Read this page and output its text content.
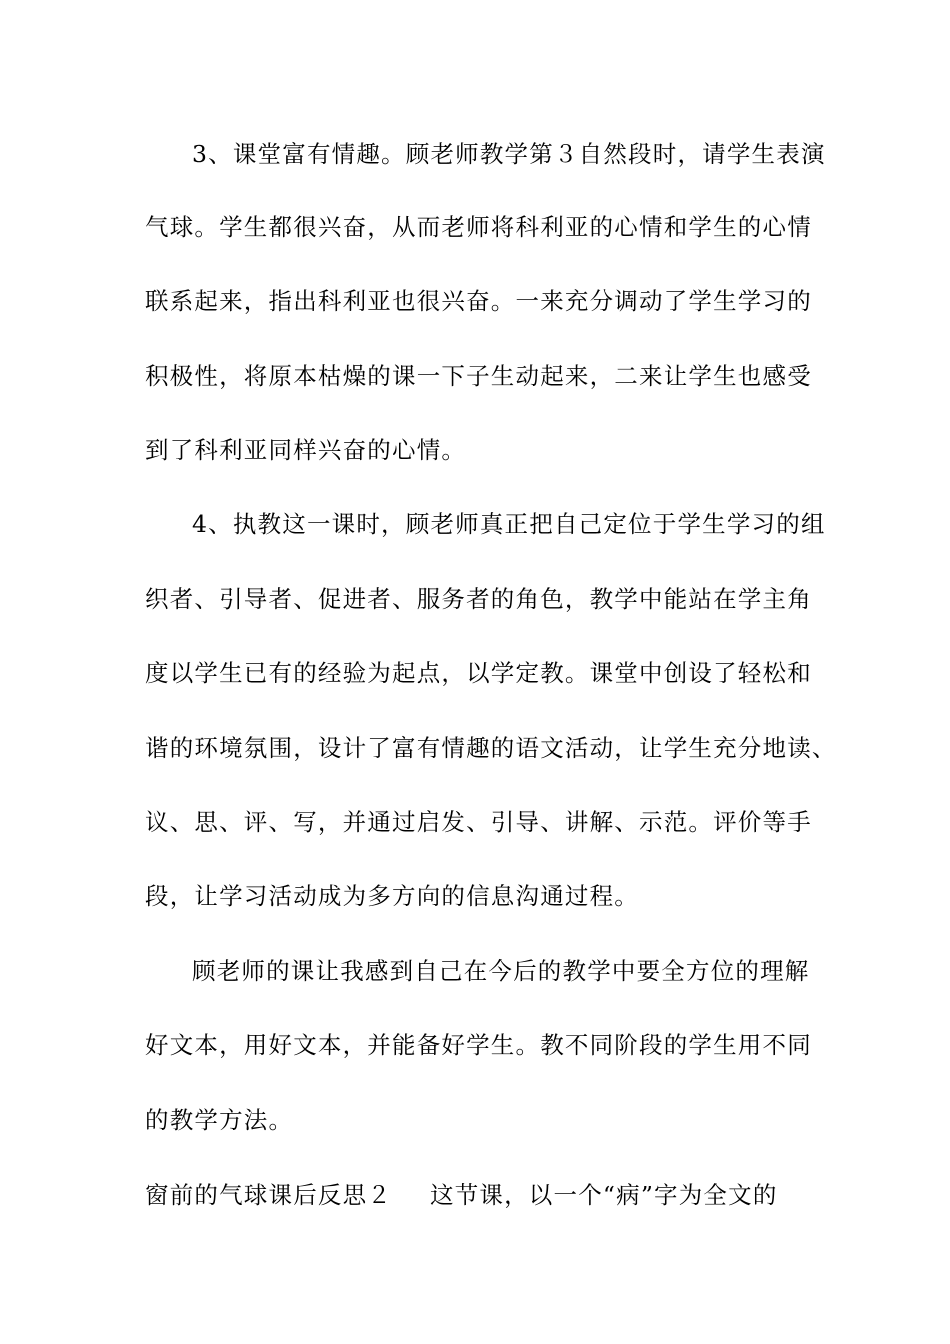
3、课堂富有情趣。顾老师教学第３自然段时，请学生表演
气球。学生都很兴奋，从而老师将科利亚的心情和学生的心情
联系起来，指出科利亚也很兴奋。一来充分调动了学生学习的
积极性，将原本枯燥的课一下子生动起来，二来让学生也感受
到了科利亚同样兴奋的心情。
4、执教这一课时，顾老师真正把自己定位于学生学习的组
织者、引导者、促进者、服务者的角色，教学中能站在学主角
度以学生已有的经验为起点，以学定教。课堂中创设了轻松和
谐的环境氛围，设计了富有情趣的语文活动，让学生充分地读、
议、思、评、写，并通过启发、引导、讲解、示范。评价等手
段，让学习活动成为多方向的信息沟通过程。
顾老师的课让我感到自己在今后的教学中要全方位的理解
好文本，用好文本，并能备好学生。教不同阶段的学生用不同
的教学方法。
窗前的气球课后反思２ 这节课，以一个“病”字为全文的
